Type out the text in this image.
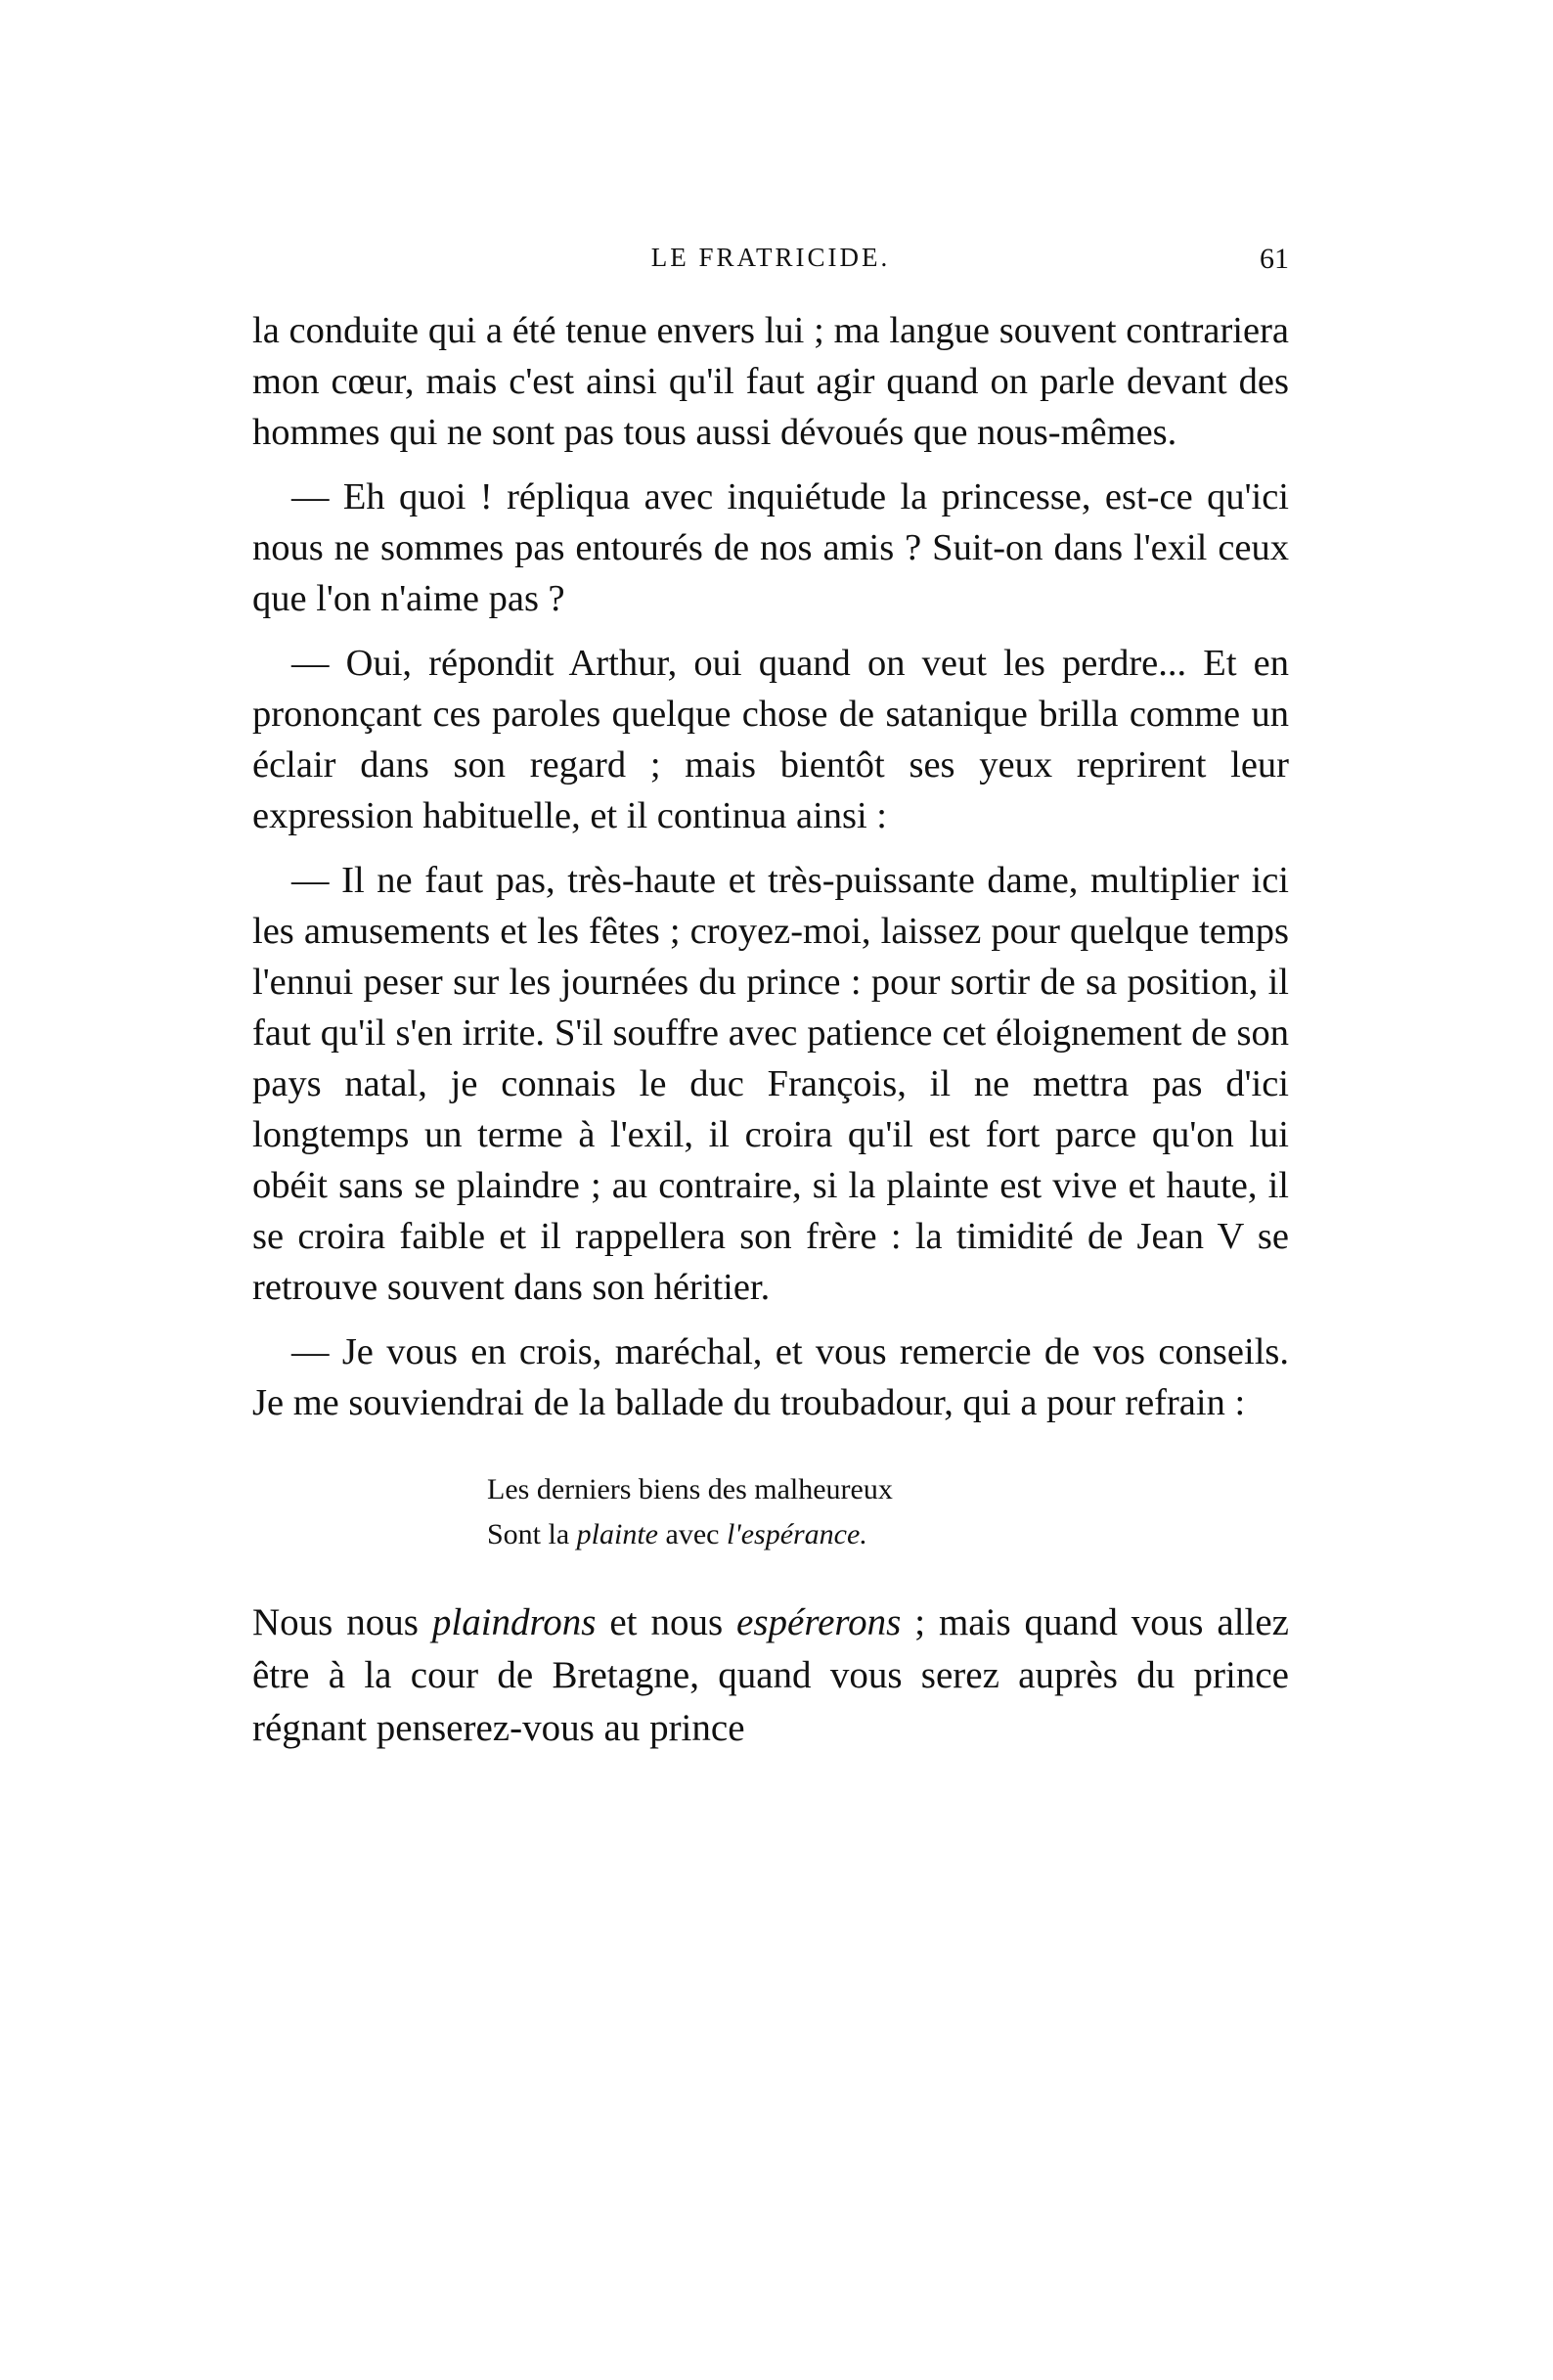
LE FRATRICIDE.	61

la conduite qui a été tenue envers lui ; ma langue souvent contrariera mon cœur, mais c'est ainsi qu'il faut agir quand on parle devant des hommes qui ne sont pas tous aussi dévoués que nous-mêmes.

— Eh quoi ! répliqua avec inquiétude la princesse, est-ce qu'ici nous ne sommes pas entourés de nos amis ? Suit-on dans l'exil ceux que l'on n'aime pas ?

— Oui, répondit Arthur, oui quand on veut les perdre... Et en prononçant ces paroles quelque chose de satanique brilla comme un éclair dans son regard ; mais bientôt ses yeux reprirent leur expression habituelle, et il continua ainsi :

— Il ne faut pas, très-haute et très-puissante dame, multiplier ici les amusements et les fêtes ; croyez-moi, laissez pour quelque temps l'ennui peser sur les journées du prince : pour sortir de sa position, il faut qu'il s'en irrite. S'il souffre avec patience cet éloignement de son pays natal, je connais le duc François, il ne mettra pas d'ici longtemps un terme à l'exil, il croira qu'il est fort parce qu'on lui obéit sans se plaindre ; au contraire, si la plainte est vive et haute, il se croira faible et il rappellera son frère : la timidité de Jean V se retrouve souvent dans son héritier.

— Je vous en crois, maréchal, et vous remercie de vos conseils. Je me souviendrai de la ballade du troubadour, qui a pour refrain :

Les derniers biens des malheureux
Sont la plainte avec l'espérance.

Nous nous plaindrons et nous espérerons ; mais quand vous allez être à la cour de Bretagne, quand vous serez auprès du prince régnant penserez-vous au prince
